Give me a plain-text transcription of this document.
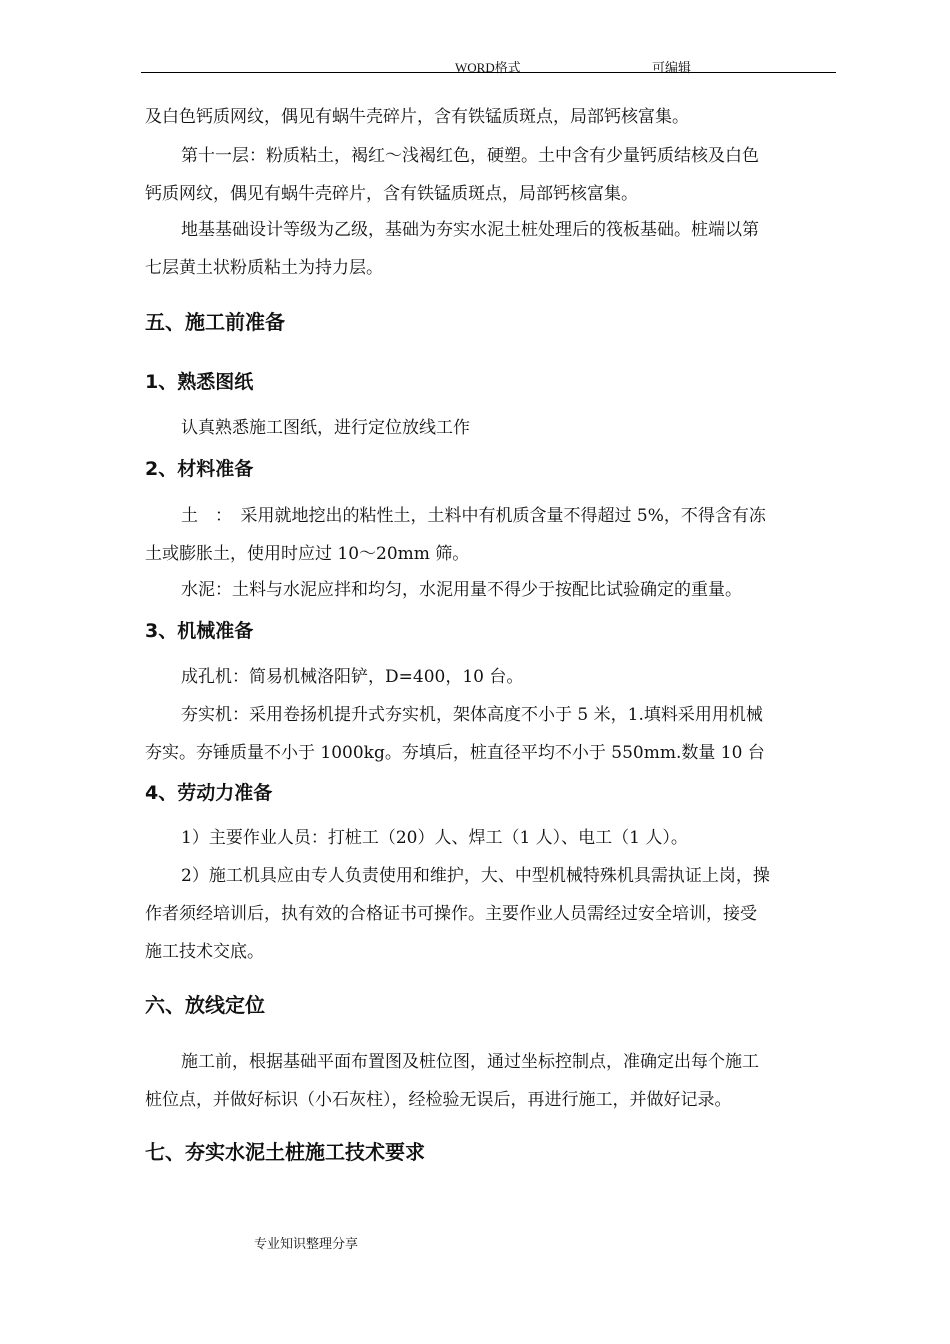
WORD格式	可编辑
及白色钙质网纹，偶见有蜗牛壳碎片，含有铁锰质斑点，局部钙核富集。
第十一层：粉质粘土，褐红～浅褐红色，硬塑。土中含有少量钙质结核及白色
钙质网纹，偶见有蜗牛壳碎片，含有铁锰质斑点，局部钙核富集。
地基基础设计等级为乙级，基础为夯实水泥土桩处理后的筏板基础。桩端以第
七层黄土状粉质粘土为持力层。
五、施工前准备
1、熟悉图纸
认真熟悉施工图纸，进行定位放线工作
2、材料准备
土　：　采用就地挖出的粘性土，土料中有机质含量不得超过 5%，不得含有冻
土或膨胀土，使用时应过 10～20mm 筛。
水泥：土料与水泥应拌和均匀，水泥用量不得少于按配比试验确定的重量。
3、机械准备
成孔机：简易机械洛阳铲，D=400，10 台。
夯实机：采用卷扬机提升式夯实机，架体高度不小于 5 米，1.填料采用用机械
夯实。夯锤质量不小于 1000kg。夯填后，桩直径平均不小于 550mm.数量 10 台
4、劳动力准备
1）主要作业人员：打桩工（20）人、焊工（1 人）、电工（1 人）。
2）施工机具应由专人负责使用和维护，大、中型机械特殊机具需执证上岗，操
作者须经培训后，执有效的合格证书可操作。主要作业人员需经过安全培训，接受
施工技术交底。
六、放线定位
施工前，根据基础平面布置图及桩位图，通过坐标控制点，准确定出每个施工
桩位点，并做好标识（小石灰柱），经检验无误后，再进行施工，并做好记录。
七、夯实水泥土桩施工技术要求
专业知识整理分享
